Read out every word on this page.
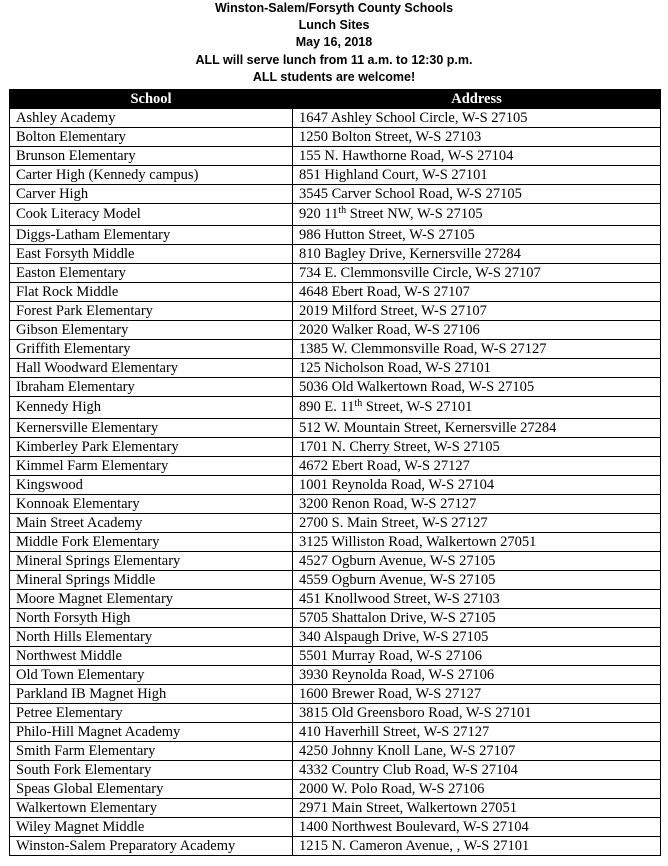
Winston-Salem/Forsyth County Schools
Lunch Sites
May 16, 2018
ALL will serve lunch from 11 a.m. to 12:30 p.m.
ALL students are welcome!
School	Address
Ashley Academy	1647 Ashley School Circle, W-S 27105
Bolton Elementary	1250 Bolton Street, W-S 27103
Brunson Elementary	155 N. Hawthorne Road, W-S 27104
Carter High (Kennedy campus)	851 Highland Court, W-S 27101
Carver High	3545 Carver School Road, W-S 27105
Cook Literacy Model	920 11th Street NW, W-S 27105
Diggs-Latham Elementary	986 Hutton Street, W-S 27105
East Forsyth Middle	810 Bagley Drive, Kernersville 27284
Easton Elementary	734 E. Clemmonsville Circle, W-S 27107
Flat Rock Middle	4648 Ebert Road, W-S 27107
Forest Park Elementary	2019 Milford Street, W-S 27107
Gibson Elementary	2020 Walker Road, W-S 27106
Griffith Elementary	1385 W. Clemmonsville Road, W-S 27127
Hall Woodward Elementary	125 Nicholson Road, W-S 27101
Ibraham Elementary	5036 Old Walkertown Road, W-S 27105
Kennedy High	890 E. 11th Street, W-S 27101
Kernersville Elementary	512 W. Mountain Street, Kernersville 27284
Kimberley Park Elementary	1701 N. Cherry Street, W-S 27105
Kimmel Farm Elementary	4672 Ebert Road, W-S 27127
Kingswood	1001 Reynolda Road, W-S 27104
Konnoak Elementary	3200 Renon Road, W-S 27127
Main Street Academy	2700 S. Main Street, W-S 27127
Middle Fork Elementary	3125 Williston Road, Walkertown 27051
Mineral Springs Elementary	4527 Ogburn Avenue, W-S 27105
Mineral Springs Middle	4559 Ogburn Avenue, W-S 27105
Moore Magnet Elementary	451 Knollwood Street, W-S 27103
North Forsyth High	5705 Shattalon Drive, W-S 27105
North Hills Elementary	340 Alspaugh Drive, W-S 27105
Northwest Middle	5501 Murray Road, W-S 27106
Old Town Elementary	3930 Reynolda Road, W-S 27106
Parkland IB Magnet High	1600 Brewer Road, W-S 27127
Petree Elementary	3815 Old Greensboro Road, W-S 27101
Philo-Hill Magnet Academy	410 Haverhill Street, W-S 27127
Smith Farm Elementary	4250 Johnny Knoll Lane, W-S 27107
South Fork Elementary	4332 Country Club Road, W-S 27104
Speas Global Elementary	2000 W. Polo Road, W-S 27106
Walkertown Elementary	2971 Main Street, Walkertown 27051
Wiley Magnet Middle	1400 Northwest Boulevard, W-S 27104
Winston-Salem Preparatory Academy	1215 N. Cameron Avenue, , W-S 27101
